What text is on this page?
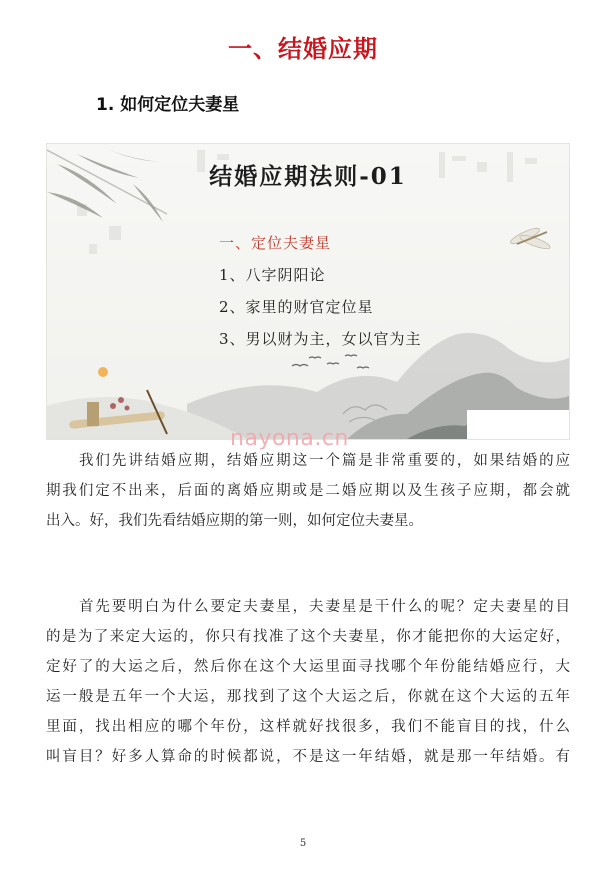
一、结婚应期
1. 如何定位夫妻星
结婚应期法则-01
一、定位夫妻星
1、八字阴阳论
2、家里的财官定位星
3、男以财为主，女以官为主
nayona.cn
我们先讲结婚应期，结婚应期这一个篇是非常重要的，如果结婚的应
期我们定不出来，后面的离婚应期或是二婚应期以及生孩子应期，都会就
出入。好，我们先看结婚应期的第一则，如何定位夫妻星。
首先要明白为什么要定夫妻星，夫妻星是干什么的呢？定夫妻星的目
的是为了来定大运的，你只有找准了这个夫妻星，你才能把你的大运定好，
定好了的大运之后，然后你在这个大运里面寻找哪个年份能结婚应行，大
运一般是五年一个大运，那找到了这个大运之后，你就在这个大运的五年
里面，找出相应的哪个年份，这样就好找很多，我们不能盲目的找，什么
叫盲目？好多人算命的时候都说，不是这一年结婚，就是那一年结婚。有
5
